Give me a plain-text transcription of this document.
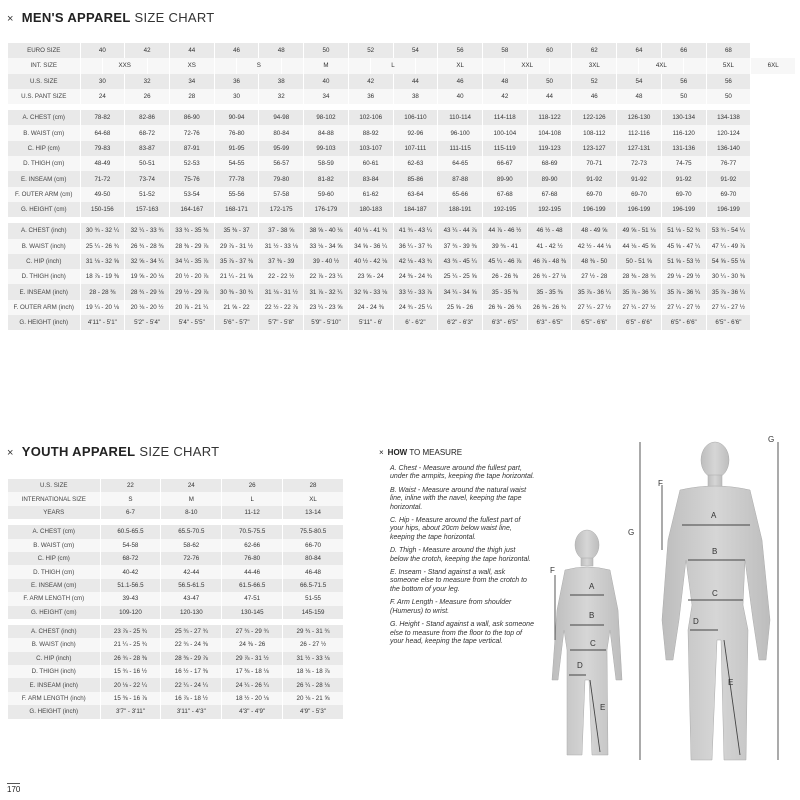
× MEN'S APPAREL SIZE CHART
EURO SIZE	40		42		44	46		48		50	52		54		56	58		60		62	64		66		68	
INT. SIZE		XXS			XS		S			M		L			XL		XXL			3XL		4XL			5XL	6XL
U.S. SIZE	30		32		34	36		38		40	42		44		46	48		50		52	54		56		56	
U.S. PANT SIZE	24		26		28	30		32		34	36		38		40	42		44		46	48		50		50	

A. CHEST (cm)	78-82		82-86		86-90	90-94		94-98		98-102	102-106		106-110		110-114	114-118		118-122		122-126	126-130		130-134		134-138	
B. WAIST (cm)	64-68		68-72		72-76	76-80		80-84		84-88	88-92		92-96		96-100	100-104		104-108		108-112	112-116		116-120		120-124	
C. HIP (cm)	79-83		83-87		87-91	91-95		95-99		99-103	103-107		107-111		111-115	115-119		119-123		123-127	127-131		131-136		136-140	
D. THIGH (cm)	48-49		50-51		52-53	54-55		56-57		58-59	60-61		62-63		64-65	66-67		68-69		70-71	72-73		74-75		76-77	
E. INSEAM (cm)	71-72		73-74		75-76	77-78		79-80		81-82	83-84		85-86		87-88	89-90		89-90		91-92	91-92		91-92		91-92	
F. OUTER ARM (cm)	49-50		51-52		53-54	55-56		57-58		59-60	61-62		63-64		65-66	67-68		67-68		69-70	69-70		69-70		69-70	
G. HEIGHT (cm)	150-156		157-163		164-167	168-171		172-175		176-179	180-183		184-187		188-191	192-195		192-195		196-199	196-199		196-199		196-199	

A. CHEST (inch)	30 ¾ - 32 ¼		32 ¼ - 33 ¾		33 ¾ - 35 ⅜	35 ⅜ - 37		37 - 38 ⅝		38 ⅝ - 40 ⅛	40 ⅛ - 41 ¾		41 ¾ - 43 ¼		43 ¼ - 44 ⅞	44 ⅞ - 46 ½		46 ½ - 48		48 - 49 ⅝	49 ⅝ - 51 ⅛		51 ⅛ - 52 ¾		53 ¾ - 54 ¼	
B. WAIST (inch)	25 ¼ - 26 ¾		26 ¾ - 28 ⅜		28 ⅜ - 29 ⅞	29 ⅞ - 31 ½		31 ½ - 33 ⅛		33 ⅛ - 34 ⅝	34 ⅝ - 36 ¼		36 ¼ - 37 ¾		37 ¾ - 39 ⅜	39 ⅜ - 41		41 - 42 ½		42 ½ - 44 ⅛	44 ⅛ - 45 ⅝		45 ⅝ - 47 ¼		47 ¼ - 49 ⅞	
C. HIP (inch)	31 ⅛ - 32 ⅝		32 ⅝ - 34 ¼		34 ¼ - 35 ⅞	35 ⅞ - 37 ⅜		37 ⅜ - 39		39 - 40 ½	40 ½ - 42 ⅛		42 ⅛ - 43 ¾		43 ¾ - 45 ¼	45 ¼ - 46 ⅞		46 ⅞ - 48 ⅜		48 ⅜ - 50	50 - 51 ⅝		51 ⅝ - 53 ½		54 ⅝ - 55 ⅛	
D. THIGH (inch)	18 ⅞ - 19 ⅜		19 ⅝ - 20 ⅛		20 ½ - 20 ⅞	21 ¼ - 21 ⅝		22 - 22 ½		22 ⅞ - 23 ¼	23 ⅝ - 24		24 ⅜ - 24 ¾		25 ¼ - 25 ⅝	26 - 26 ⅜		26 ¾ - 27 ⅛		27 ½ - 28	28 ⅜ - 28 ¾		29 ⅛ - 29 ½		30 ¼ - 30 ⅜	
E. INSEAM (inch)	28 - 28 ⅜		28 ¾ - 29 ⅛		29 ½ - 29 ⅞	30 ⅜ - 30 ¾		31 ⅛ - 31 ½		31 ⅞ - 32 ¼	32 ⅝ - 33 ⅛		33 ½ - 33 ⅞		34 ¼ - 34 ⅝	35 - 35 ⅜		35 - 35 ⅜		35 ⅞ - 36 ¼	35 ⅞ - 36 ¼		35 ⅞ - 36 ¼		35 ⅞ - 36 ¼	
F. OUTER ARM (inch)	19 ¼ - 20 ⅛		20 ⅛ - 20 ½		20 ⅞ - 21 ¼	21 ⅝ - 22		22 ½ - 22 ⅞		23 ¼ - 23 ⅝	24 - 24 ⅜		24 ¾ - 25 ¼		25 ⅝ - 26	26 ⅜ - 26 ¾		26 ⅜ - 26 ¾		27 ¼ - 27 ½	27 ¼ - 27 ½		27 ¼ - 27 ½		27 ¼ - 27 ½	
G. HEIGHT (inch)	4'11" - 5'1"		5'2" - 5'4"		5'4" - 5'5"	5'6" - 5'7"		5'7" - 5'8"		5'9" - 5'10"	5'11" - 6'		6' - 6'2"		6'2" - 6'3"	6'3" - 6'5"		6'3" - 6'5"		6'5" - 6'6"	6'5" - 6'6"		6'5" - 6'6"		6'5" - 6'6"	
× YOUTH APPAREL SIZE CHART
U.S. SIZE	22	24	26	28
INTERNATIONAL SIZE	S	M	L	XL
YEARS	6-7	8-10	11-12	13-14

A. CHEST (cm)	60.5-65.5	65.5-70.5	70.5-75.5	75.5-80.5
B. WAIST (cm)	54-58	58-62	62-66	66-70
C. HIP (cm)	68-72	72-76	76-80	80-84
D. THIGH (cm)	40-42	42-44	44-46	46-48
E. INSEAM (cm)	51.1-56.5	56.5-61.5	61.5-66.5	66.5-71.5
F. ARM LENGTH (cm)	39-43	43-47	47-51	51-55
G. HEIGHT (cm)	109-120	120-130	130-145	145-159

A. CHEST (inch)	23 ⅞ - 25 ¾	25 ¾ - 27 ¾	27 ¾ - 29 ¾	29 ¾ - 31 ¾
B. WAIST (inch)	21 ¼ - 25 ¾	22 ¾ - 24 ⅜	24 ⅜ - 26	26 - 27 ½
C. HIP (inch)	26 ¾ - 28 ⅜	28 ⅜ - 29 ⅞	29 ⅞ - 31 ½	31 ½ - 33 ⅛
D. THIGH (inch)	15 ¾ - 16 ½	16 ½ - 17 ⅜	17 ⅜ - 18 ⅛	18 ⅛ - 18 ⅞
E. INSEAM (inch)	20 ⅛ - 22 ¼	22 ¼ - 24 ¼	24 ¼ - 26 ¼	26 ¼ - 28 ⅛
F. ARM LENGTH (inch)	15 ⅜ - 16 ⅞	16 ⅞ - 18 ½	18 ½ - 20 ⅛	20 ⅛ - 21 ⅝
G. HEIGHT (inch)	3'7" - 3'11"	3'11" - 4'3"	4'3" - 4'9"	4'9" - 5'3"
× HOW TO MEASURE

A. Chest - Measure around the fullest part, under the armpits, keeping the tape horizontal.

B. Waist - Measure around the natural waist line, inline with the navel, keeping the tape horizontal.

C. Hip - Measure around the fullest part of your hips, about 20cm below waist line, keeping the tape horizontal.

D. Thigh - Measure around the thigh just below the crotch, keeping the tape horizontal.

E. Inseam - Stand against a wall, ask someone else to measure from the crotch to the bottom of your leg.

F. Arm Length - Measure from shoulder (Humerus) to wrist.

G. Height - Stand against a wall, ask someone else to measure from the floor to the top of your head, keeping the tape vertical.

A
B
C
D
E
F
G
G
A
B
C
D
E
F
170
